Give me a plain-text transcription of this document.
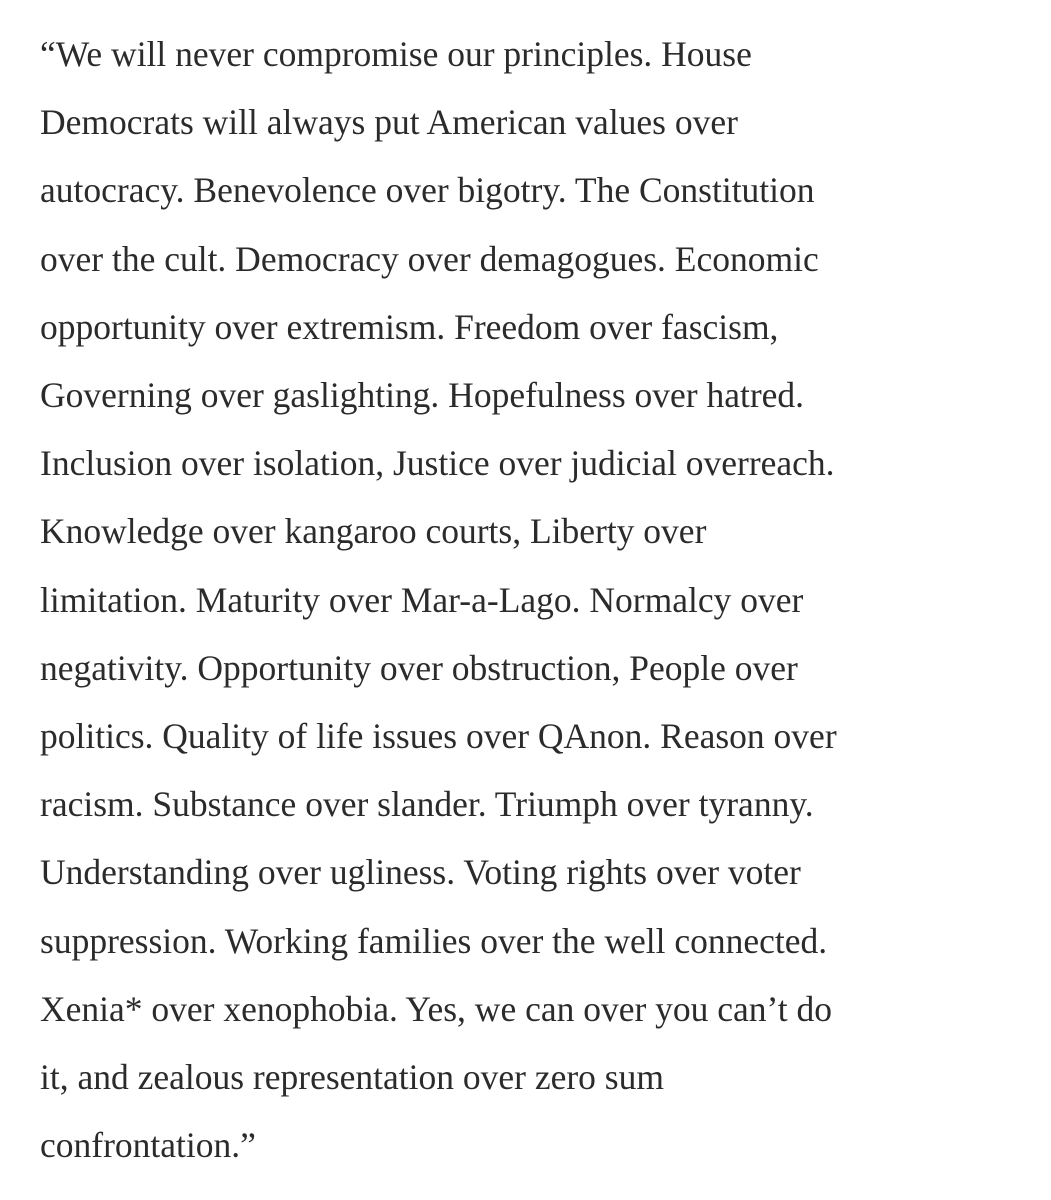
“We will never compromise our principles. House
Democrats will always put American values over
autocracy. Benevolence over bigotry. The Constitution
over the cult. Democracy over demagogues. Economic
opportunity over extremism. Freedom over fascism,
Governing over gaslighting. Hopefulness over hatred.
Inclusion over isolation, Justice over judicial overreach.
Knowledge over kangaroo courts, Liberty over
limitation. Maturity over Mar-a-Lago. Normalcy over
negativity. Opportunity over obstruction, People over
politics. Quality of life issues over QAnon. Reason over
racism. Substance over slander. Triumph over tyranny.
Understanding over ugliness. Voting rights over voter
suppression. Working families over the well connected.
Xenia* over xenophobia. Yes, we can over you can’t do
it, and zealous representation over zero sum
confrontation.”
